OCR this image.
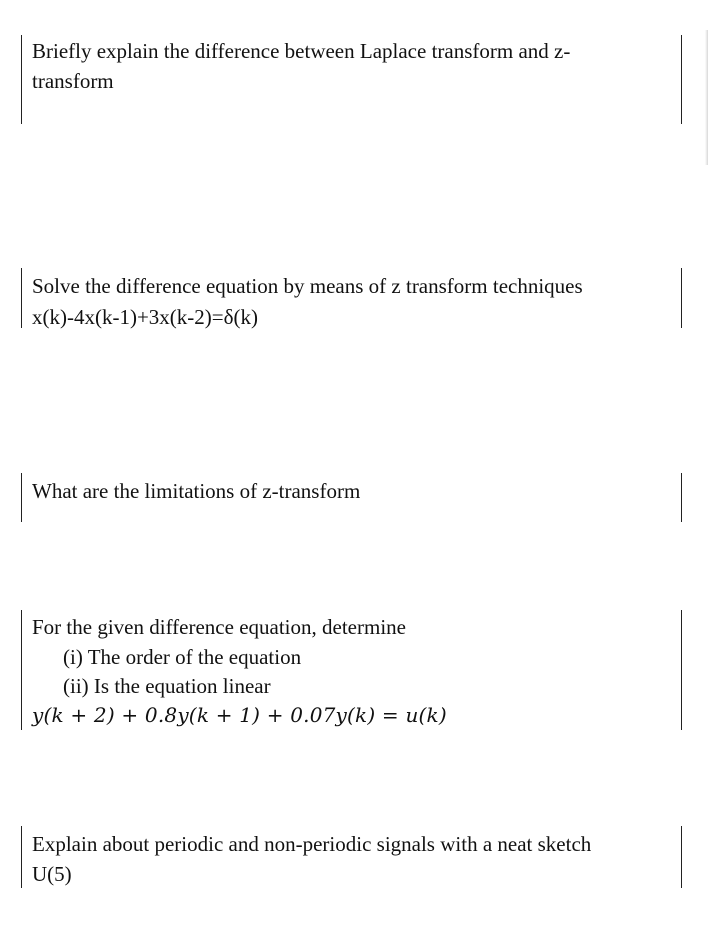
Briefly explain the difference between Laplace transform and z-
transform
Solve the difference equation by means of z transform techniques
x(k)-4x(k-1)+3x(k-2)=δ(k)
What are the limitations of z-transform
For the given difference equation, determine
(i) The order of the equation
(ii) Is the equation linear
y(k + 2) + 0.8y(k + 1) + 0.07y(k) = u(k)
Explain about periodic and non-periodic signals with a neat sketch
U(5)
